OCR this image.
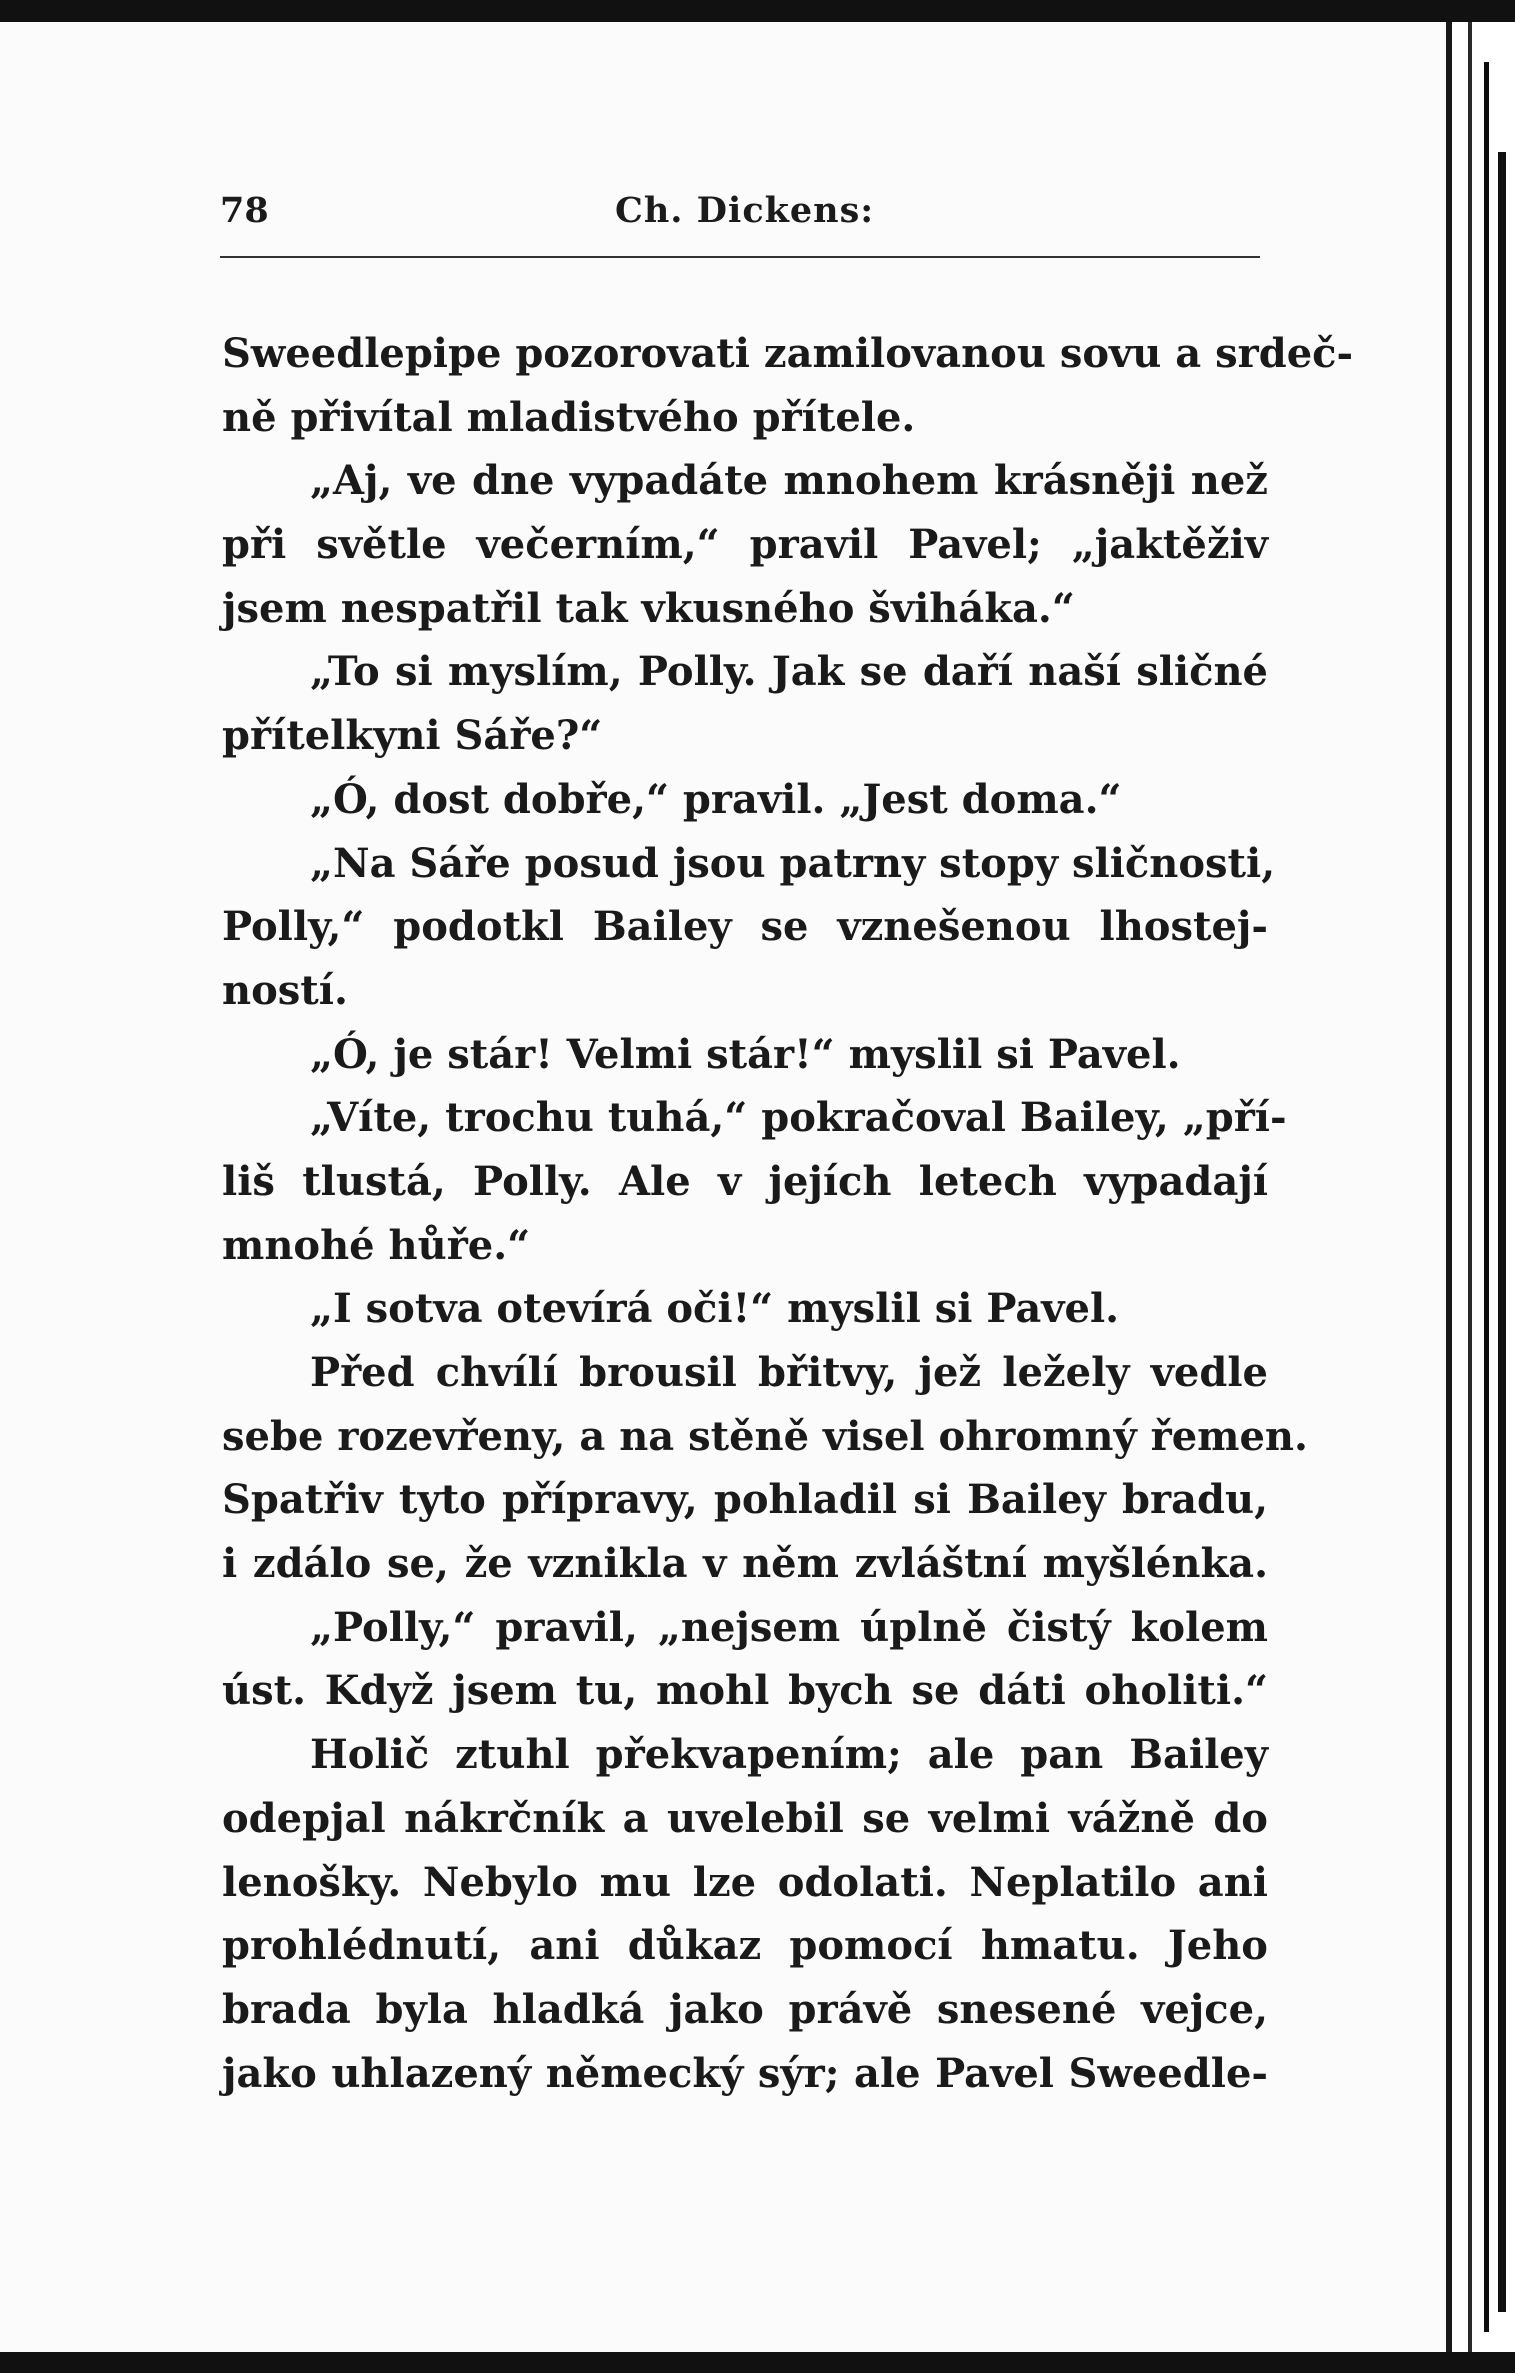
78	Ch. Dickens:
Sweedlepipe pozorovati zamilovanou sovu a srdeč-
ně přivítal mladistvého přítele.
„Aj, ve dne vypadáte mnohem krásněji než
při světle večerním,“ pravil Pavel; „jaktěživ
jsem nespatřil tak vkusného šviháka.“
„To si myslím, Polly. Jak se daří naší sličné
přítelkyni Sáře?“
„Ó, dost dobře,“ pravil. „Jest doma.“
„Na Sáře posud jsou patrny stopy sličnosti,
Polly,“ podotkl Bailey se vznešenou lhostej-
ností.
„Ó, je stár! Velmi stár!“ myslil si Pavel.
„Víte, trochu tuhá,“ pokračoval Bailey, „pří-
liš tlustá, Polly. Ale v jejích letech vypadají
mnohé hůře.“
„I sotva otevírá oči!“ myslil si Pavel.
Před chvílí brousil břitvy, jež ležely vedle
sebe rozevřeny, a na stěně visel ohromný řemen.
Spatřiv tyto přípravy, pohladil si Bailey bradu,
i zdálo se, že vznikla v něm zvláštní myšlénka.
„Polly,“ pravil, „nejsem úplně čistý kolem
úst. Když jsem tu, mohl bych se dáti oholiti.“
Holič ztuhl překvapením; ale pan Bailey
odepjal nákrčník a uvelebil se velmi vážně do
lenošky. Nebylo mu lze odolati. Neplatilo ani
prohlédnutí, ani důkaz pomocí hmatu. Jeho
brada byla hladká jako právě snesené vejce,
jako uhlazený německý sýr; ale Pavel Sweedle-
